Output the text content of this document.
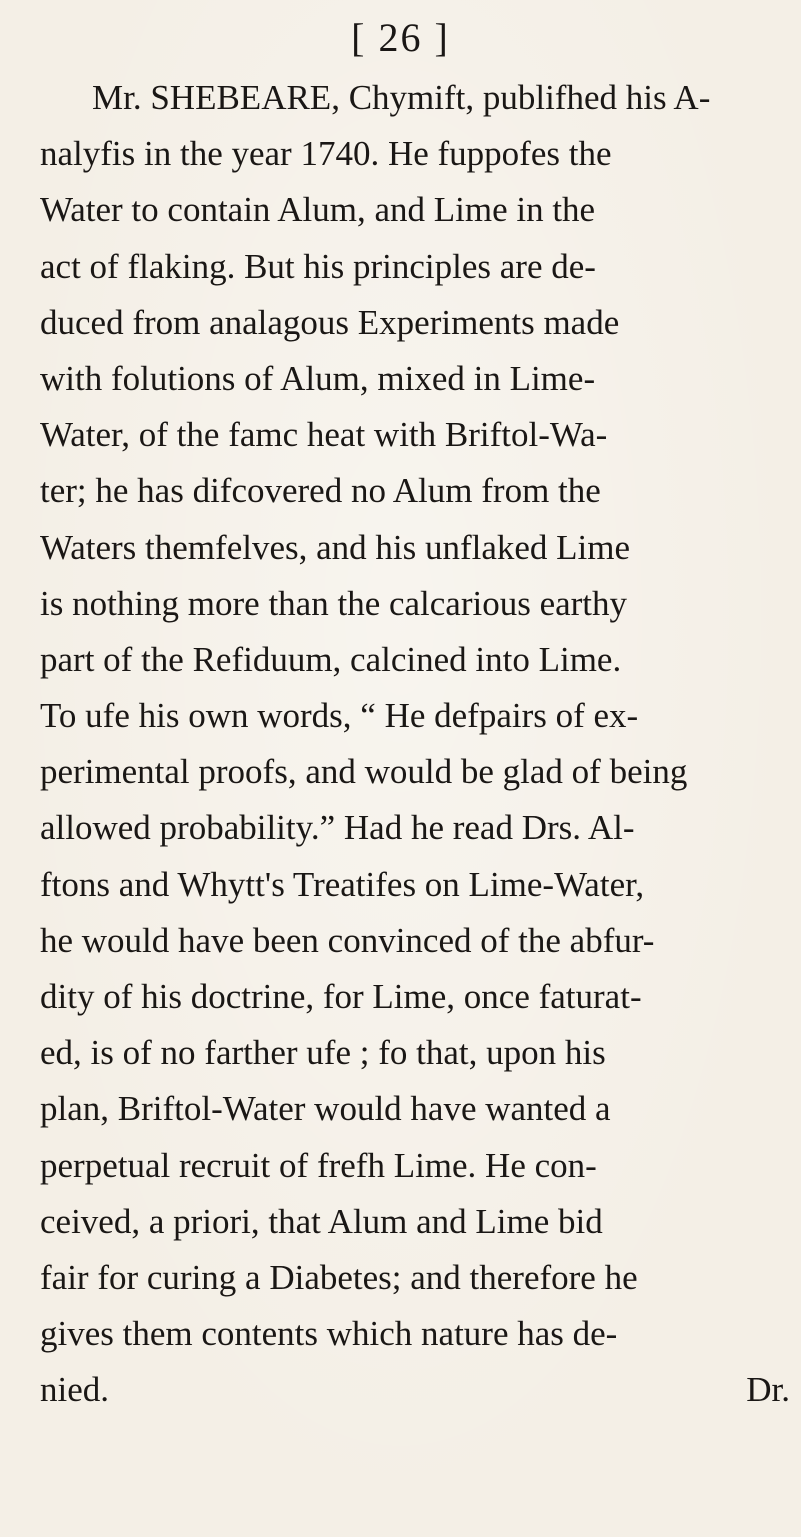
[ 26 ]
Mr. SHEBEARE, Chymift, publifhed his A-
nalyfis in the year 1740. He fuppofes the
Water to contain Alum, and Lime in the
act of flaking. But his principles are de-
duced from analagous Experiments made
with folutions of Alum, mixed in Lime-
Water, of the famc heat with Briftol-Wa-
ter; he has difcovered no Alum from the
Waters themfelves, and his unflaked Lime
is nothing more than the calcarious earthy
part of the Refiduum, calcined into Lime.
To ufe his own words, “ He defpairs of ex-
perimental proofs, and would be glad of being
allowed probability.” Had he read Drs. Al-
ftons and Whytt's Treatifes on Lime-Water,
he would have been convinced of the abfur-
dity of his doctrine, for Lime, once faturat-
ed, is of no farther ufe ; fo that, upon his
plan, Briftol-Water would have wanted a
perpetual recruit of frefh Lime. He con-
ceived, a priori, that Alum and Lime bid
fair for curing a Diabetes; and therefore he
gives them contents which nature has de-
nied.	Dr.
